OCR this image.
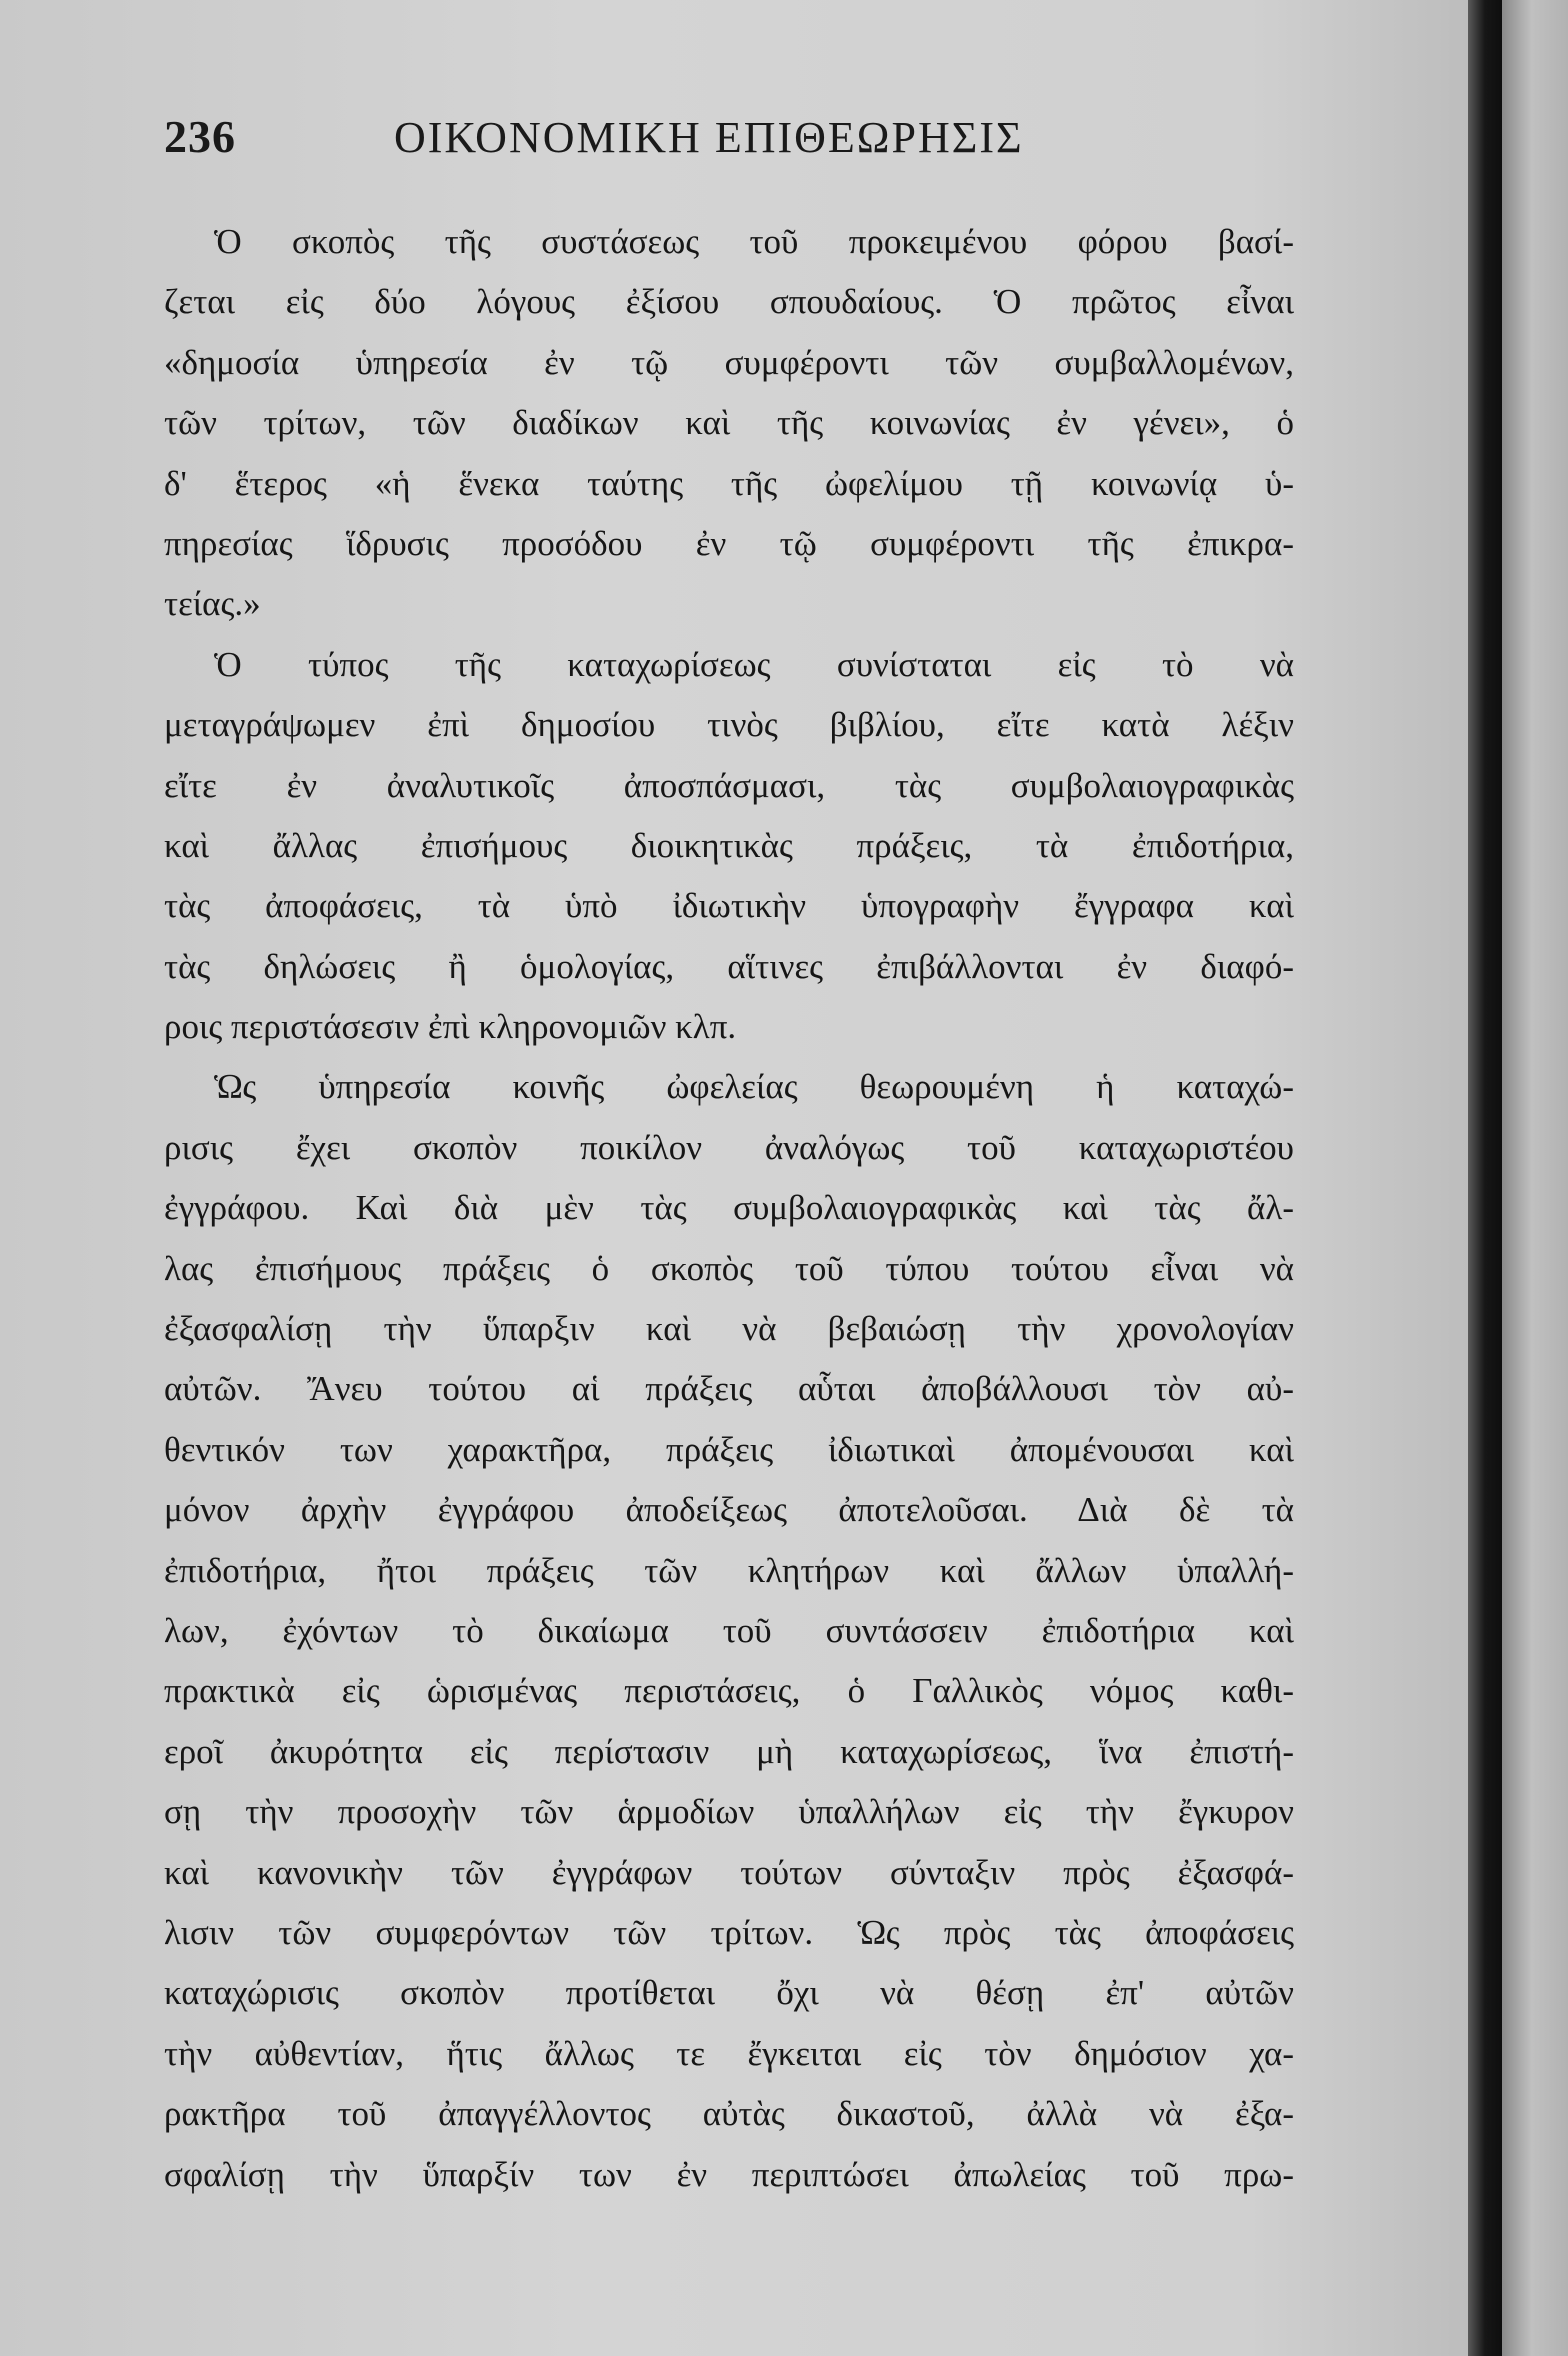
236	ΟΙΚΟΝΟΜΙΚΗ ΕΠΙΘΕΩΡΗΣΙΣ
Ὁ σκοπὸς τῆς συστάσεως τοῦ προκειμένου φόρου βασί-
ζεται εἰς δύο λόγους ἐξίσου σπουδαίους. Ὁ πρῶτος εἶναι
«δημοσία ὑπηρεσία ἐν τῷ συμφέροντι τῶν συμβαλλομένων,
τῶν τρίτων, τῶν διαδίκων καὶ τῆς κοινωνίας ἐν γένει», ὁ
δ' ἕτερος «ἡ ἕνεκα ταύτης τῆς ὠφελίμου τῇ κοινωνίᾳ ὑ-
πηρεσίας ἵδρυσις προσόδου ἐν τῷ συμφέροντι τῆς ἐπικρα-
τείας.»
Ὁ τύπος τῆς καταχωρίσεως συνίσταται εἰς τὸ νὰ
μεταγράψωμεν ἐπὶ δημοσίου τινὸς βιβλίου, εἴτε κατὰ λέξιν
εἴτε ἐν ἀναλυτικοῖς ἀποσπάσμασι, τὰς συμβολαιογραφικὰς
καὶ ἄλλας ἐπισήμους διοικητικὰς πράξεις, τὰ ἐπιδοτήρια,
τὰς ἀποφάσεις, τὰ ὑπὸ ἰδιωτικὴν ὑπογραφὴν ἔγγραφα καὶ
τὰς δηλώσεις ἢ ὁμολογίας, αἵτινες ἐπιβάλλονται ἐν διαφό-
ροις περιστάσεσιν ἐπὶ κληρονομιῶν κλπ.
Ὡς ὑπηρεσία κοινῆς ὠφελείας θεωρουμένη ἡ καταχώ-
ρισις ἔχει σκοπὸν ποικίλον ἀναλόγως τοῦ καταχωριστέου
ἐγγράφου. Καὶ διὰ μὲν τὰς συμβολαιογραφικὰς καὶ τὰς ἄλ-
λας ἐπισήμους πράξεις ὁ σκοπὸς τοῦ τύπου τούτου εἶναι νὰ
ἐξασφαλίσῃ τὴν ὕπαρξιν καὶ νὰ βεβαιώσῃ τὴν χρονολογίαν
αὐτῶν. Ἄνευ τούτου αἱ πράξεις αὗται ἀποβάλλουσι τὸν αὐ-
θεντικόν των χαρακτῆρα, πράξεις ἰδιωτικαὶ ἀπομένουσαι καὶ
μόνον ἀρχὴν ἐγγράφου ἀποδείξεως ἀποτελοῦσαι. Διὰ δὲ τὰ
ἐπιδοτήρια, ἤτοι πράξεις τῶν κλητήρων καὶ ἄλλων ὑπαλλή-
λων, ἐχόντων τὸ δικαίωμα τοῦ συντάσσειν ἐπιδοτήρια καὶ
πρακτικὰ εἰς ὡρισμένας περιστάσεις, ὁ Γαλλικὸς νόμος καθι-
εροῖ ἀκυρότητα εἰς περίστασιν μὴ καταχωρίσεως, ἵνα ἐπιστή-
σῃ τὴν προσοχὴν τῶν ἁρμοδίων ὑπαλλήλων εἰς τὴν ἔγκυρον
καὶ κανονικὴν τῶν ἐγγράφων τούτων σύνταξιν πρὸς ἐξασφά-
λισιν τῶν συμφερόντων τῶν τρίτων. Ὡς πρὸς τὰς ἀποφάσεις
καταχώρισις σκοπὸν προτίθεται ὄχι νὰ θέσῃ ἐπ' αὐτῶν
τὴν αὐθεντίαν, ἥτις ἄλλως τε ἔγκειται εἰς τὸν δημόσιον χα-
ρακτῆρα τοῦ ἀπαγγέλλοντος αὐτὰς δικαστοῦ, ἀλλὰ νὰ ἐξα-
σφαλίσῃ τὴν ὕπαρξίν των ἐν περιπτώσει ἀπωλείας τοῦ πρω-
